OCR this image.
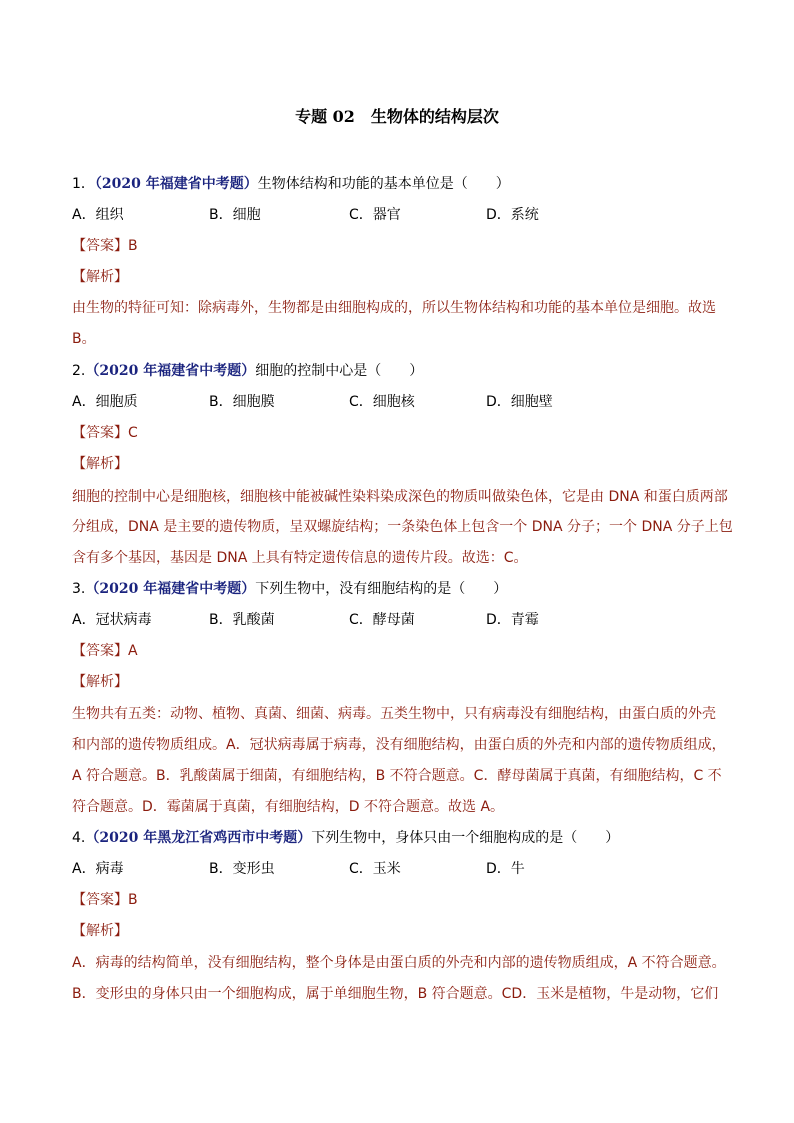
专题 02　生物体的结构层次
1．（2020 年福建省中考题）生物体结构和功能的基本单位是（　　）
A．组织	B．细胞	C．器官	D．系统
【答案】B
【解析】
由生物的特征可知：除病毒外，生物都是由细胞构成的，所以生物体结构和功能的基本单位是细胞。故选
B。
2.（2020 年福建省中考题）细胞的控制中心是（　　）
A．细胞质	B．细胞膜	C．细胞核	D．细胞壁
【答案】C
【解析】
细胞的控制中心是细胞核，细胞核中能被碱性染料染成深色的物质叫做染色体，它是由 DNA 和蛋白质两部
分组成，DNA 是主要的遗传物质，呈双螺旋结构；一条染色体上包含一个 DNA 分子；一个 DNA 分子上包
含有多个基因，基因是 DNA 上具有特定遗传信息的遗传片段。故选：C。
3.（2020 年福建省中考题）下列生物中，没有细胞结构的是（　　）
A．冠状病毒	B．乳酸菌	C．酵母菌	D．青霉
【答案】A
【解析】
生物共有五类：动物、植物、真菌、细菌、病毒。五类生物中，只有病毒没有细胞结构，由蛋白质的外壳
和内部的遗传物质组成。A．冠状病毒属于病毒，没有细胞结构，由蛋白质的外壳和内部的遗传物质组成，
A 符合题意。B．乳酸菌属于细菌，有细胞结构，B 不符合题意。C．酵母菌属于真菌，有细胞结构，C 不
符合题意。D．霉菌属于真菌，有细胞结构，D 不符合题意。故选 A。
4.（2020 年黑龙江省鸡西市中考题）下列生物中，身体只由一个细胞构成的是（　　）
A．病毒	B．变形虫	C．玉米	D．牛
【答案】B
【解析】
A．病毒的结构简单，没有细胞结构，整个身体是由蛋白质的外壳和内部的遗传物质组成，A 不符合题意。
B．变形虫的身体只由一个细胞构成，属于单细胞生物，B 符合题意。CD．玉米是植物，牛是动物，它们
